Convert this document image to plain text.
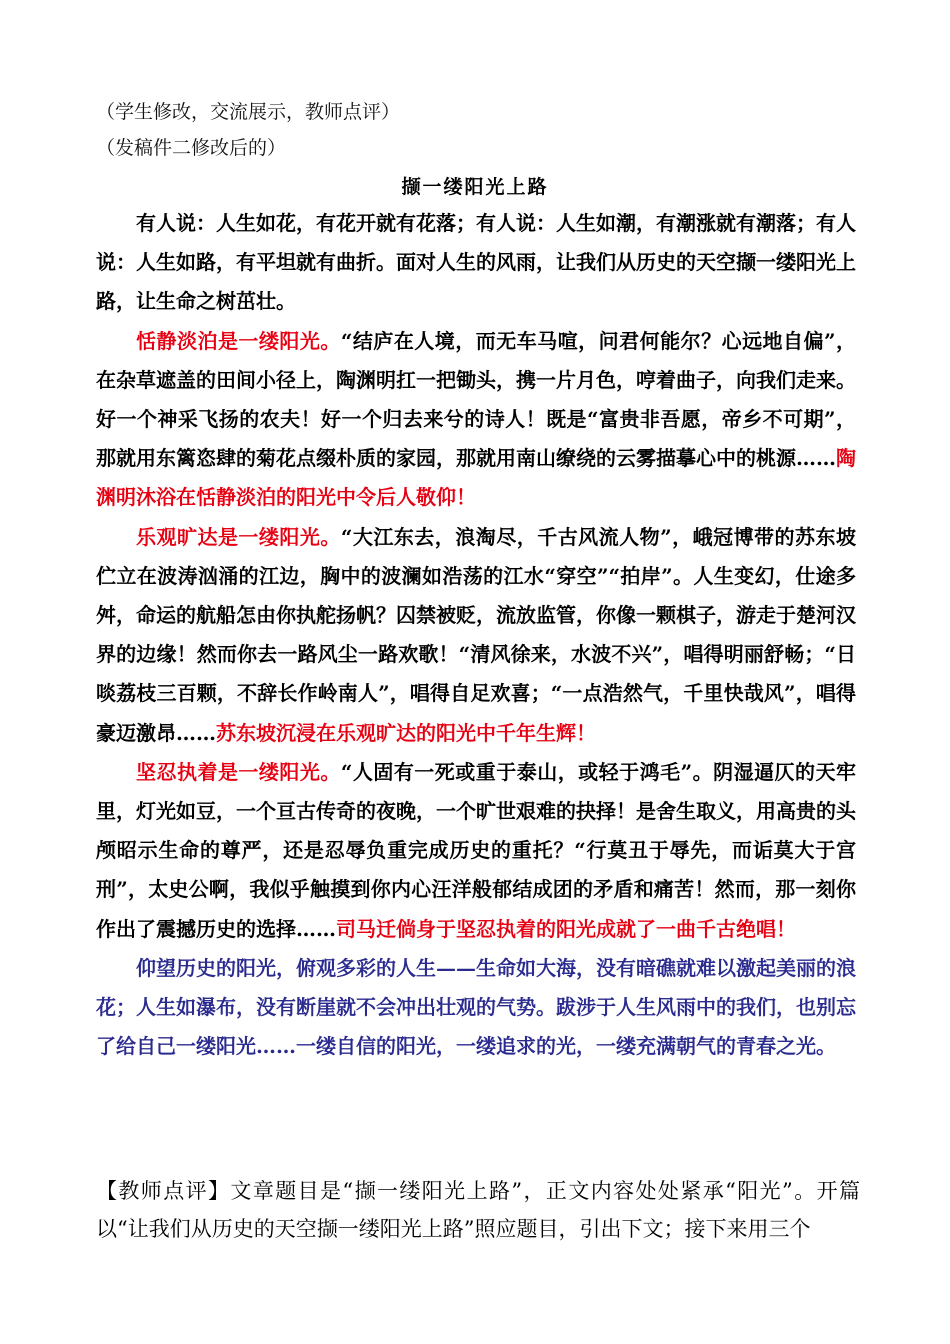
（学生修改，交流展示，教师点评）

（发稿件二修改后的）

撷一缕阳光上路

有人说：人生如花，有花开就有花落；有人说：人生如潮，有潮涨就有潮落；有人说：人生如路，有平坦就有曲折。面对人生的风雨，让我们从历史的天空撷一缕阳光上路，让生命之树茁壮。

恬静淡泊是一缕阳光。“结庐在人境，而无车马喧，问君何能尔？心远地自偏”，在杂草遮盖的田间小径上，陶渊明扛一把锄头，携一片月色，哼着曲子，向我们走来。好一个神采飞扬的农夫！好一个归去来兮的诗人！既是“富贵非吾愿，帝乡不可期”，那就用东篱恣肆的菊花点缀朴质的家园，那就用南山缭绕的云雾描摹心中的桃源……陶渊明沐浴在恬静淡泊的阳光中令后人敬仰！

乐观旷达是一缕阳光。“大江东去，浪淘尽，千古风流人物”，峨冠博带的苏东坡伫立在波涛汹涌的江边，胸中的波澜如浩荡的江水“穿空”“拍岸”。人生变幻，仕途多舛，命运的航船怎由你执舵扬帆？囚禁被贬，流放监管，你像一颗棋子，游走于楚河汉界的边缘！然而你去一路风尘一路欢歌！“清风徐来，水波不兴”，唱得明丽舒畅；“日啖荔枝三百颗，不辞长作岭南人”，唱得自足欢喜；“一点浩然气，千里快哉风”，唱得豪迈激昂……苏东坡沉浸在乐观旷达的阳光中千年生辉！

坚忍执着是一缕阳光。“人固有一死或重于泰山，或轻于鸿毛”。阴湿逼仄的天牢里，灯光如豆，一个亘古传奇的夜晚，一个旷世艰难的抉择！是舍生取义，用高贵的头颅昭示生命的尊严，还是忍辱负重完成历史的重托？“行莫丑于辱先，而诟莫大于宫刑”，太史公啊，我似乎触摸到你内心汪洋般郁结成团的矛盾和痛苦！然而，那一刻你作出了震撼历史的选择……司马迁倘身于坚忍执着的阳光成就了一曲千古绝唱！

仰望历史的阳光，俯观多彩的人生——生命如大海，没有暗礁就难以激起美丽的浪花；人生如瀑布，没有断崖就不会冲出壮观的气势。跋涉于人生风雨中的我们，也别忘了给自己一缕阳光……一缕自信的阳光，一缕追求的光，一缕充满朝气的青春之光。

【教师点评】文章题目是“撷一缕阳光上路”，正文内容处处紧承“阳光”。开篇以“让我们从历史的天空撷一缕阳光上路”照应题目，引出下文；接下来用三个
